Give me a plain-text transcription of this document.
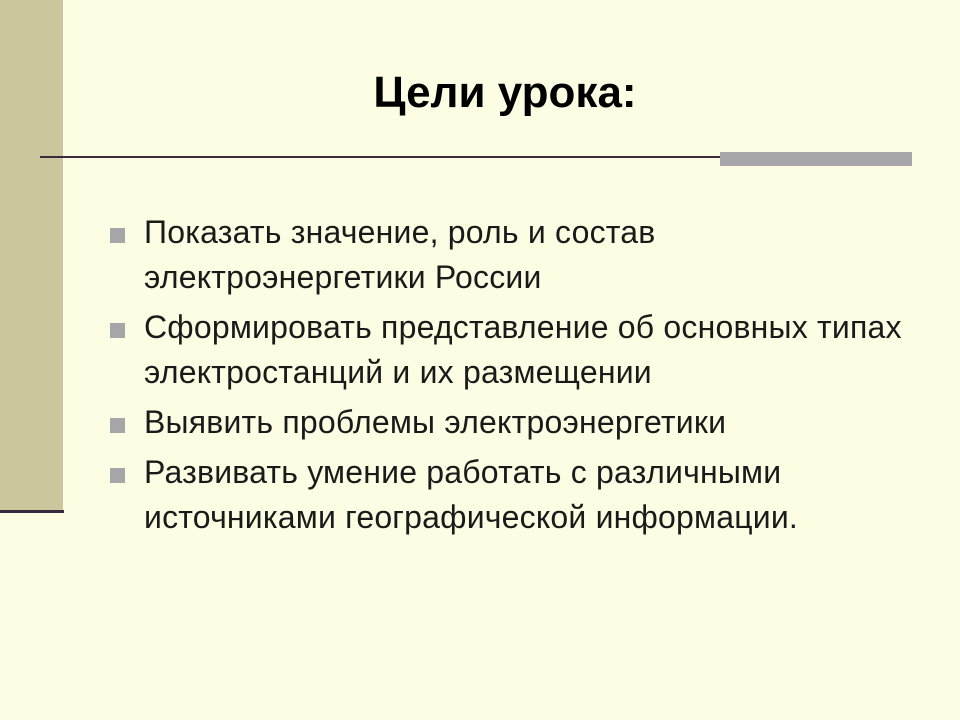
Цели урока:
Показать значение, роль и состав электроэнергетики России
Сформировать представление об основных типах электростанций и их размещении
Выявить проблемы электроэнергетики
Развивать умение работать с различными источниками географической информации.
